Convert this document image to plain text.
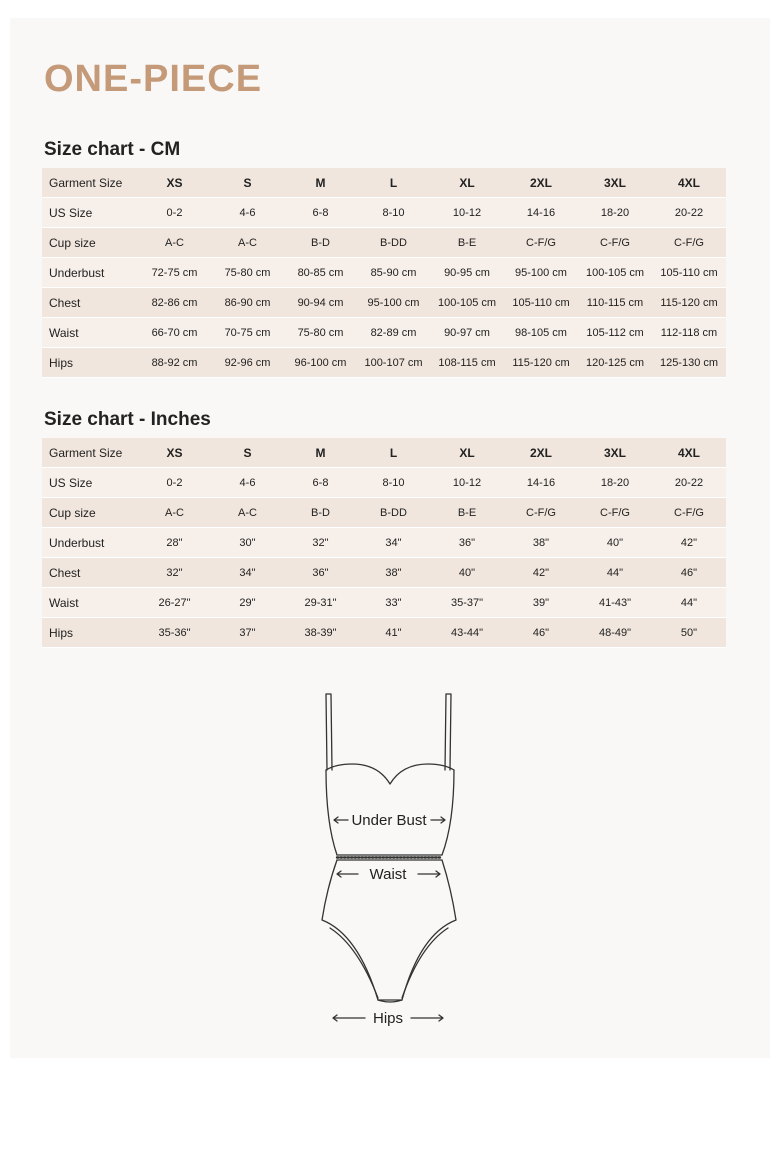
ONE-PIECE
Size chart - CM
Garment Size	XS	S	M	L	XL	2XL	3XL	4XL
US Size	0-2	4-6	6-8	8-10	10-12	14-16	18-20	20-22
Cup size	A-C	A-C	B-D	B-DD	B-E	C-F/G	C-F/G	C-F/G
Underbust	72-75 cm	75-80 cm	80-85 cm	85-90 cm	90-95 cm	95-100 cm	100-105 cm	105-110 cm
Chest	82-86 cm	86-90 cm	90-94 cm	95-100 cm	100-105 cm	105-110 cm	110-115 cm	115-120 cm
Waist	66-70 cm	70-75 cm	75-80 cm	82-89 cm	90-97 cm	98-105 cm	105-112 cm	112-118 cm
Hips	88-92 cm	92-96 cm	96-100 cm	100-107 cm	108-115 cm	115-120 cm	120-125 cm	125-130 cm
Size chart - Inches
Garment Size	XS	S	M	L	XL	2XL	3XL	4XL
US Size	0-2	4-6	6-8	8-10	10-12	14-16	18-20	20-22
Cup size	A-C	A-C	B-D	B-DD	B-E	C-F/G	C-F/G	C-F/G
Underbust	28"	30"	32"	34"	36"	38"	40"	42"
Chest	32"	34"	36"	38"	40"	42"	44"	46"
Waist	26-27"	29"	29-31"	33"	35-37"	39"	41-43"	44"
Hips	35-36"	37"	38-39"	41"	43-44"	46"	48-49"	50"
Under Bust
Waist
Hips
